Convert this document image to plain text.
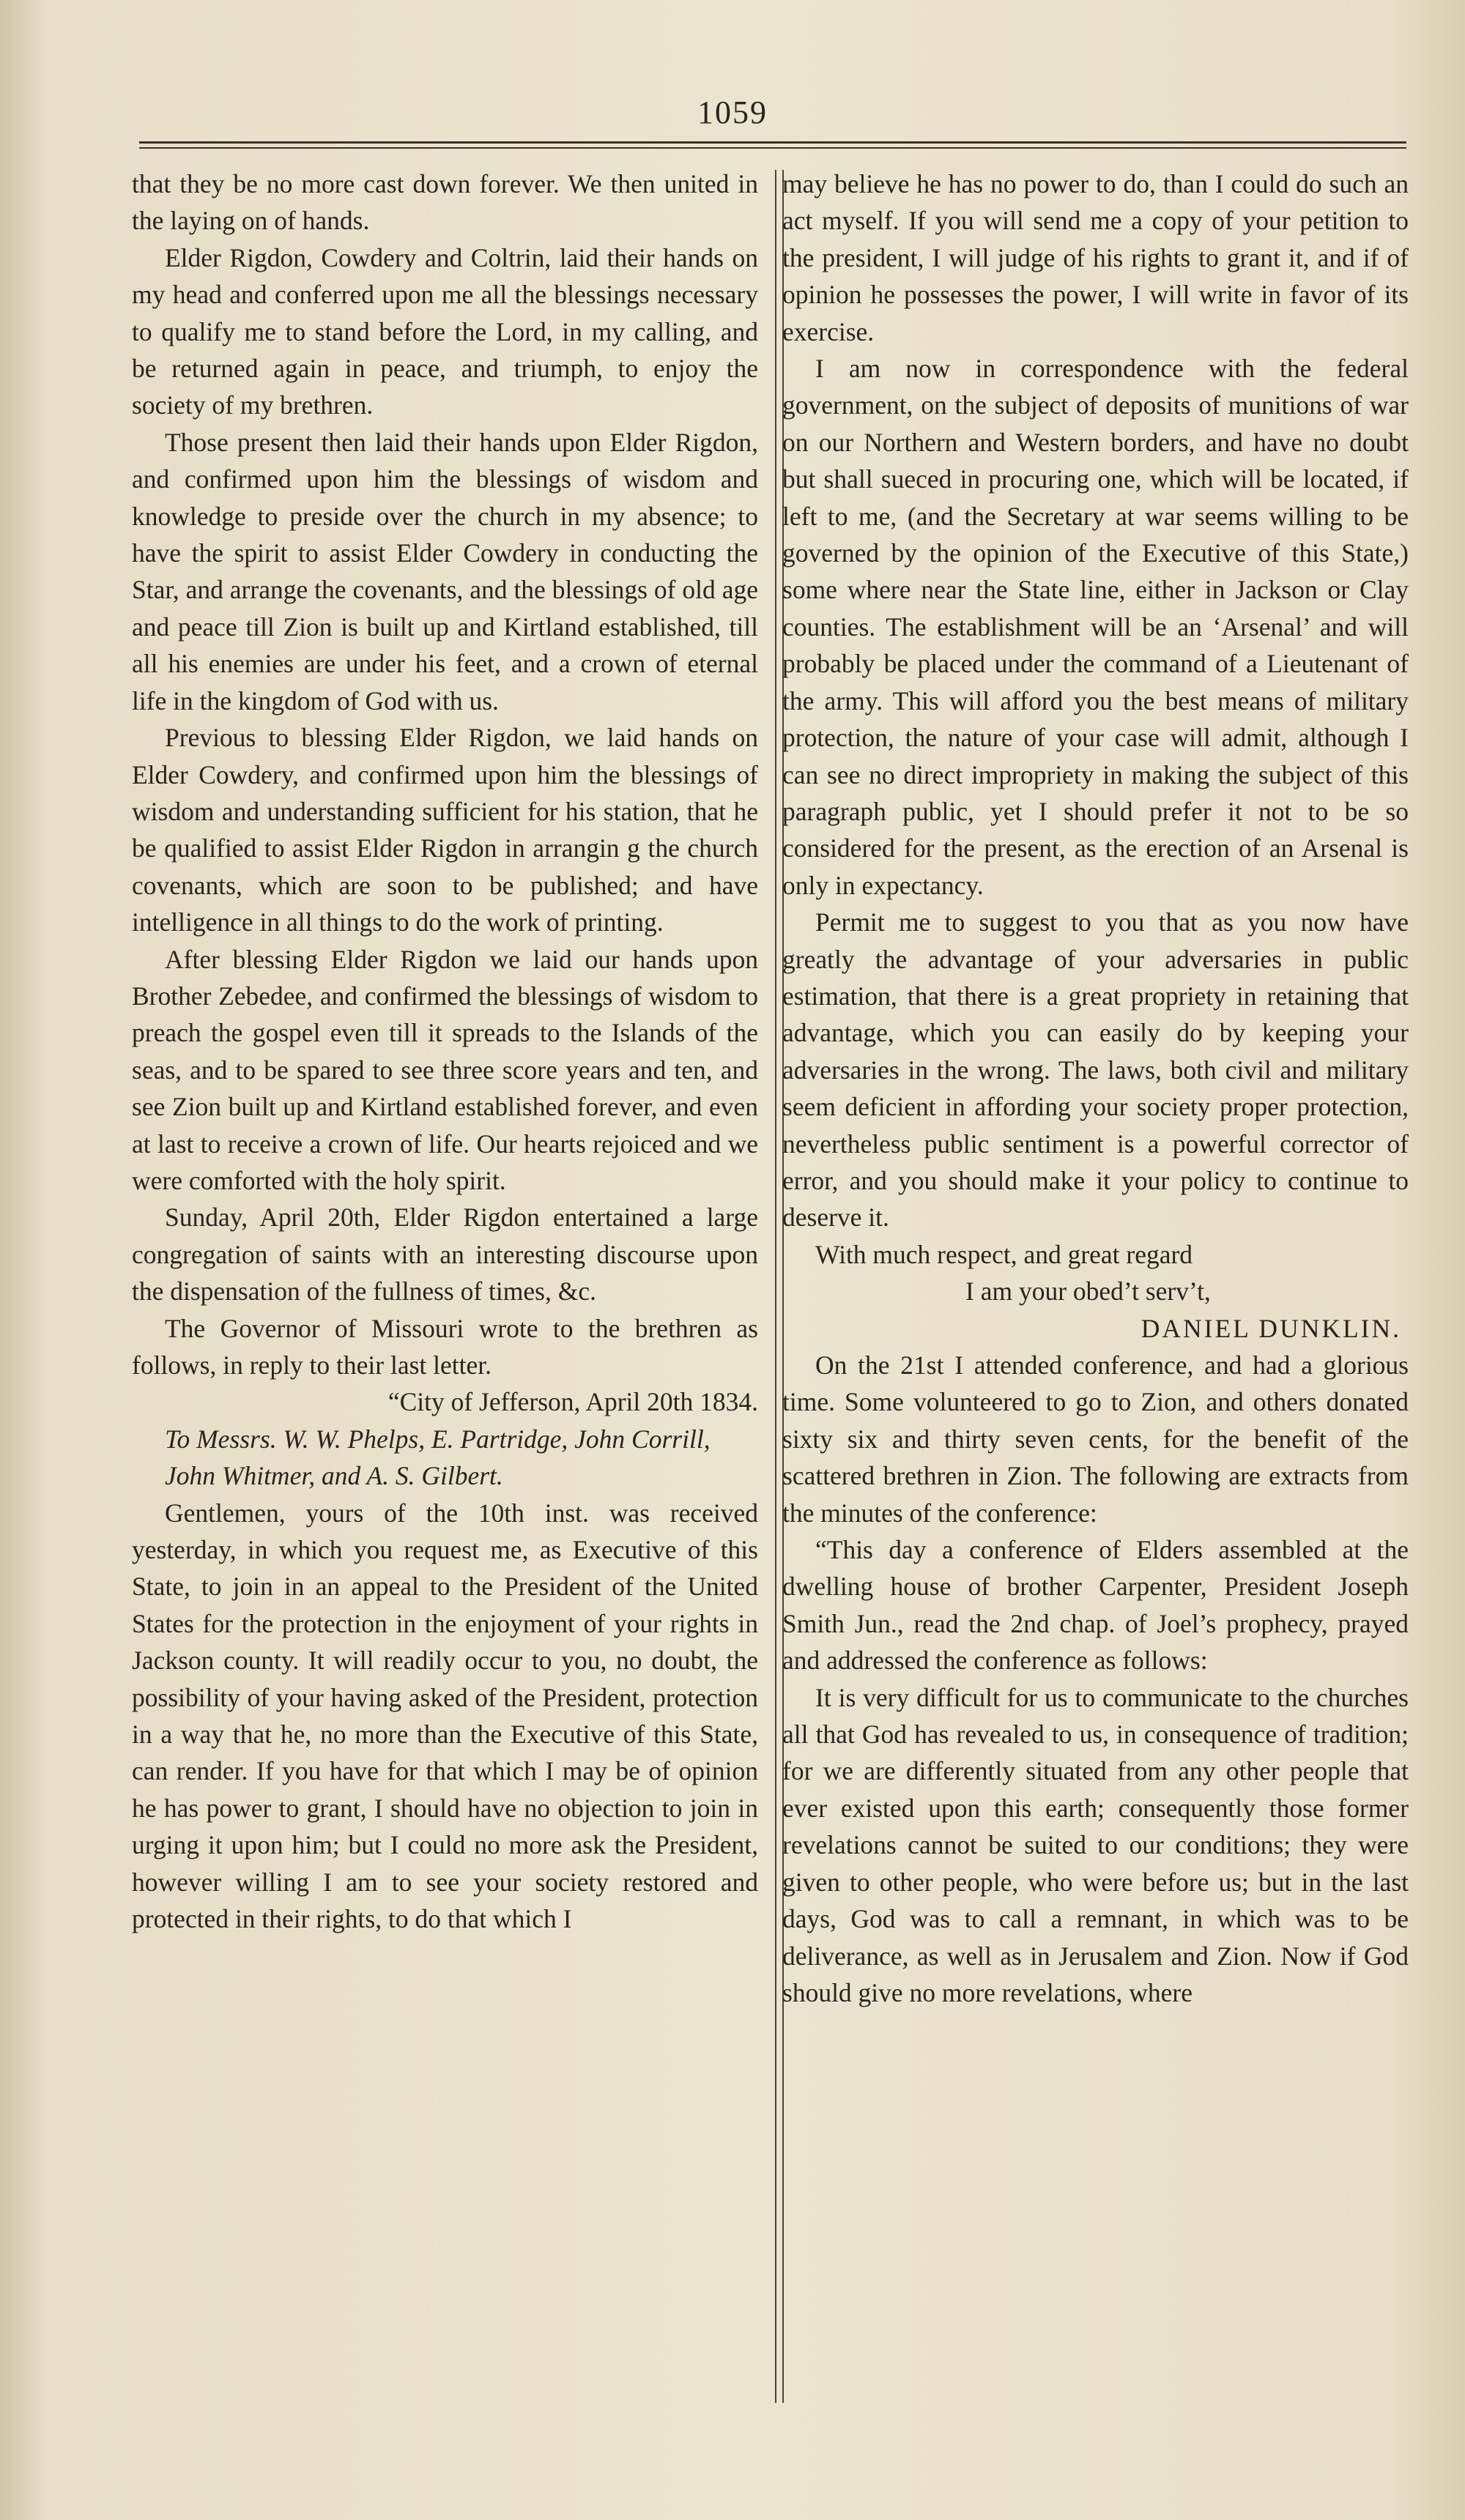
1059

that they be no more cast down forever. We then united in the laying on of hands.

Elder Rigdon, Cowdery and Coltrin, laid their hands on my head and conferred upon me all the blessings necessary to qualify me to stand before the Lord, in my calling, and be returned again in peace, and triumph, to enjoy the society of my brethren.

Those present then laid their hands upon Elder Rigdon, and confirmed upon him the blessings of wisdom and knowledge to preside over the church in my absence; to have the spirit to assist Elder Cowdery in conducting the Star, and arrange the covenants, and the blessings of old age and peace till Zion is built up and Kirtland established, till all his enemies are under his feet, and a crown of eternal life in the kingdom of God with us.

Previous to blessing Elder Rigdon, we laid hands on Elder Cowdery, and confirmed upon him the blessings of wisdom and understanding sufficient for his station, that he be qualified to assist Elder Rigdon in arrangin g the church covenants, which are soon to be published; and have intelligence in all things to do the work of printing.

After blessing Elder Rigdon we laid our hands upon Brother Zebedee, and confirmed the blessings of wisdom to preach the gospel even till it spreads to the Islands of the seas, and to be spared to see three score years and ten, and see Zion built up and Kirtland established forever, and even at last to receive a crown of life. Our hearts rejoiced and we were comforted with the holy spirit.

Sunday, April 20th, Elder Rigdon entertained a large congregation of saints with an interesting discourse upon the dispensation of the fullness of times, &c.

The Governor of Missouri wrote to the brethren as follows, in reply to their last letter.

“City of Jefferson, April 20th 1834.

To Messrs. W. W. Phelps, E. Partridge, John Corrill, John Whitmer, and A. S. Gilbert.

Gentlemen, yours of the 10th inst. was received yesterday, in which you request me, as Executive of this State, to join in an appeal to the President of the United States for the protection in the enjoyment of your rights in Jackson county. It will readily occur to you, no doubt, the possibility of your having asked of the President, protection in a way that he, no more than the Executive of this State, can render. If you have for that which I may be of opinion he has power to grant, I should have no objection to join in urging it upon him; but I could no more ask the President, however willing I am to see your society restored and protected in their rights, to do that which I

may believe he has no power to do, than I could do such an act myself. If you will send me a copy of your petition to the president, I will judge of his rights to grant it, and if of opinion he possesses the power, I will write in favor of its exercise.

I am now in correspondence with the federal government, on the subject of deposits of munitions of war on our Northern and Western borders, and have no doubt but shall sueced in procuring one, which will be located, if left to me, (and the Secretary at war seems willing to be governed by the opinion of the Executive of this State,) some where near the State line, either in Jackson or Clay counties. The establishment will be an ‘Arsenal’ and will probably be placed under the command of a Lieutenant of the army. This will afford you the best means of military protection, the nature of your case will admit, although I can see no direct impropriety in making the subject of this paragraph public, yet I should prefer it not to be so considered for the present, as the erection of an Arsenal is only in expectancy.

Permit me to suggest to you that as you now have greatly the advantage of your adversaries in public estimation, that there is a great propriety in retaining that advantage, which you can easily do by keeping your adversaries in the wrong. The laws, both civil and military seem deficient in affording your society proper protection, nevertheless public sentiment is a powerful corrector of error, and you should make it your policy to continue to deserve it.

With much respect, and great regard

I am your obed’t serv’t,

DANIEL DUNKLIN.

On the 21st I attended conference, and had a glorious time. Some volunteered to go to Zion, and others donated sixty six and thirty seven cents, for the benefit of the scattered brethren in Zion. The following are extracts from the minutes of the conference:

“This day a conference of Elders assembled at the dwelling house of brother Carpenter, President Joseph Smith Jun., read the 2nd chap. of Joel’s prophecy, prayed and addressed the conference as follows:

It is very difficult for us to communicate to the churches all that God has revealed to us, in consequence of tradition; for we are differently situated from any other people that ever existed upon this earth; consequently those former revelations cannot be suited to our conditions; they were given to other people, who were before us; but in the last days, God was to call a remnant, in which was to be deliverance, as well as in Jerusalem and Zion. Now if God should give no more revelations, where
